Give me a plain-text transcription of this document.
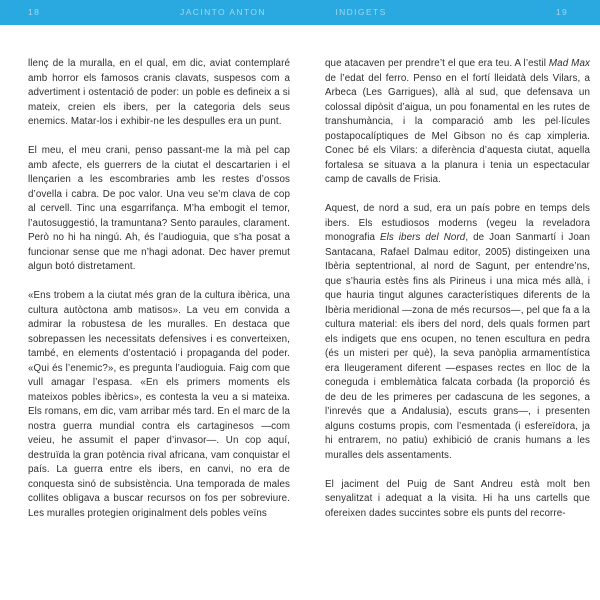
18	JACINTO ANTON	INDIGETS	19

llenç de la muralla, en el qual, em dic, aviat contemplaré amb horror els famosos cranis clavats, suspesos com a advertiment i ostentació de poder: un poble es defineix a si mateix, creien els ibers, per la categoria dels seus enemics. Matar-los i exhibir-ne les despulles era un punt.

El meu, el meu crani, penso passant-me la mà pel cap amb afecte, els guerrers de la ciutat el descartarien i el llençarien a les escombraries amb les restes d’ossos d’ovella i cabra. De poc valor. Una veu se’m clava de cop al cervell. Tinc una esgarrifança. M’ha embogit el temor, l’autosuggestió, la tramuntana? Sento paraules, clarament. Però no hi ha ningú. Ah, és l’audioguia, que s’ha posat a funcionar sense que me n’hagi adonat. Dec haver premut algun botó distretament.

«Ens trobem a la ciutat més gran de la cultura ibèrica, una cultura autòctona amb matisos». La veu em convida a admirar la robustesa de les muralles. En destaca que sobrepassen les necessitats defensives i es converteixen, també, en elements d’ostentació i propaganda del poder. «Qui és l’enemic?», es pregunta l’audioguia. Faig com que vull amagar l’espasa. «En els primers moments els mateixos pobles ibèrics», es contesta la veu a si mateixa. Els romans, em dic, vam arribar més tard. En el marc de la nostra guerra mundial contra els cartaginesos —com veieu, he assumit el paper d’invasor—. Un cop aquí, destruïda la gran potència rival africana, vam conquistar el país. La guerra entre els ibers, en canvi, no era de conquesta sinó de subsistència. Una temporada de males collites obligava a buscar recursos on fos per sobreviure. Les muralles protegien originalment dels pobles veïns

que atacaven per prendre’t el que era teu. A l’estil Mad Max de l’edat del ferro. Penso en el fortí lleidatà dels Vilars, a Arbeca (Les Garrigues), allà al sud, que defensava un colossal dipòsit d’aigua, un pou fonamental en les rutes de transhumància, i la comparació amb les pel·lícules postapocalíptiques de Mel Gibson no és cap ximpleria. Conec bé els Vilars: a diferència d’aquesta ciutat, aquella fortalesa se situava a la planura i tenia un espectacular camp de cavalls de Frisia.

Aquest, de nord a sud, era un país pobre en temps dels ibers. Els estudiosos moderns (vegeu la reveladora monografia Els ibers del Nord, de Joan Sanmartí i Joan Santacana, Rafael Dalmau editor, 2005) distingeixen una Ibèria septentrional, al nord de Sagunt, per entendre’ns, que s’hauria estès fins als Pirineus i una mica més allà, i que hauria tingut algunes característiques diferents de la Ibèria meridional —zona de més recursos—, pel que fa a la cultura material: els ibers del nord, dels quals formen part els indigets que ens ocupen, no tenen escultura en pedra (és un misteri per què), la seva panòplia armamentística era lleugerament diferent —espases rectes en lloc de la coneguda i emblemàtica falcata corbada (la proporció és de deu de les primeres per cadascuna de les segones, a l’inrevés que a Andalusia), escuts grans—, i presenten alguns costums propis, com l’esmentada (i esfereïdora, ja hi entrarem, no patiu) exhibició de cranis humans a les muralles dels assentaments.

El jaciment del Puig de Sant Andreu està molt ben senyalitzat i adequat a la visita. Hi ha uns cartells que ofereixen dades succintes sobre els punts del recorre-
